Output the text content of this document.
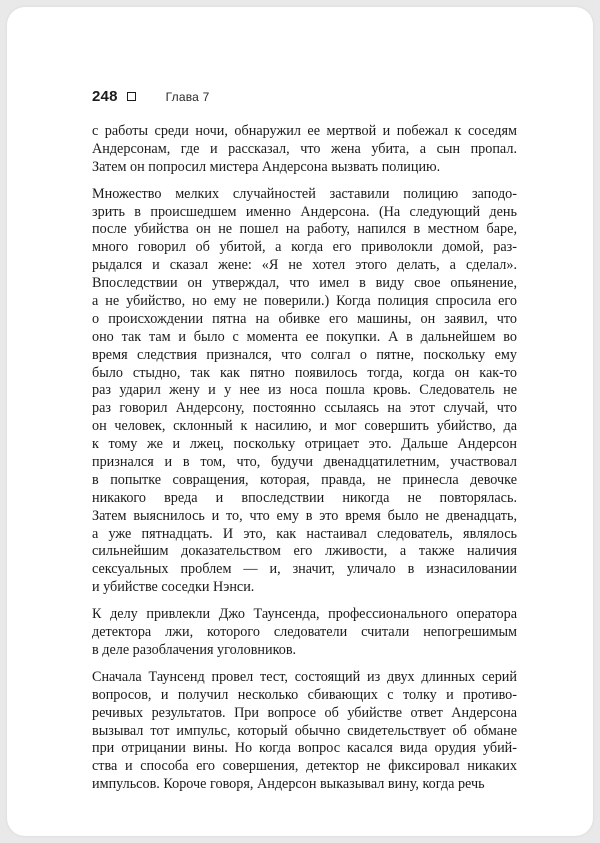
248	Глава 7
с работы среди ночи, обнаружил ее мертвой и побежал к соседям
Андерсонам, где и рассказал, что жена убита, а сын пропал.
Затем он попросил мистера Андерсона вызвать полицию.
Множество мелких случайностей заставили полицию заподо-
зрить в происшедшем именно Андерсона. (На следующий день
после убийства он не пошел на работу, напился в местном баре,
много говорил об убитой, а когда его приволокли домой, раз-
рыдался и сказал жене: «Я не хотел этого делать, а сделал».
Впоследствии он утверждал, что имел в виду свое опьянение,
а не убийство, но ему не поверили.) Когда полиция спросила его
о происхождении пятна на обивке его машины, он заявил, что
оно так там и было с момента ее покупки. А в дальнейшем во
время следствия признался, что солгал о пятне, поскольку ему
было стыдно, так как пятно появилось тогда, когда он как-то
раз ударил жену и у нее из носа пошла кровь. Следователь не
раз говорил Андерсону, постоянно ссылаясь на этот случай, что
он человек, склонный к насилию, и мог совершить убийство, да
к тому же и лжец, поскольку отрицает это. Дальше Андерсон
признался и в том, что, будучи двенадцатилетним, участвовал
в попытке совращения, которая, правда, не принесла девочке
никакого вреда и впоследствии никогда не повторялась.
Затем выяснилось и то, что ему в это время было не двенадцать,
а уже пятнадцать. И это, как настаивал следователь, являлось
сильнейшим доказательством его лживости, а также наличия
сексуальных проблем — и, значит, уличало в изнасиловании
и убийстве соседки Нэнси.
К делу привлекли Джо Таунсенда, профессионального оператора
детектора лжи, которого следователи считали непогрешимым
в деле разоблачения уголовников.
Сначала Таунсенд провел тест, состоящий из двух длинных серий
вопросов, и получил несколько сбивающих с толку и противо-
речивых результатов. При вопросе об убийстве ответ Андерсона
вызывал тот импульс, который обычно свидетельствует об обмане
при отрицании вины. Но когда вопрос касался вида орудия убий-
ства и способа его совершения, детектор не фиксировал никаких
импульсов. Короче говоря, Андерсон выказывал вину, когда речь
